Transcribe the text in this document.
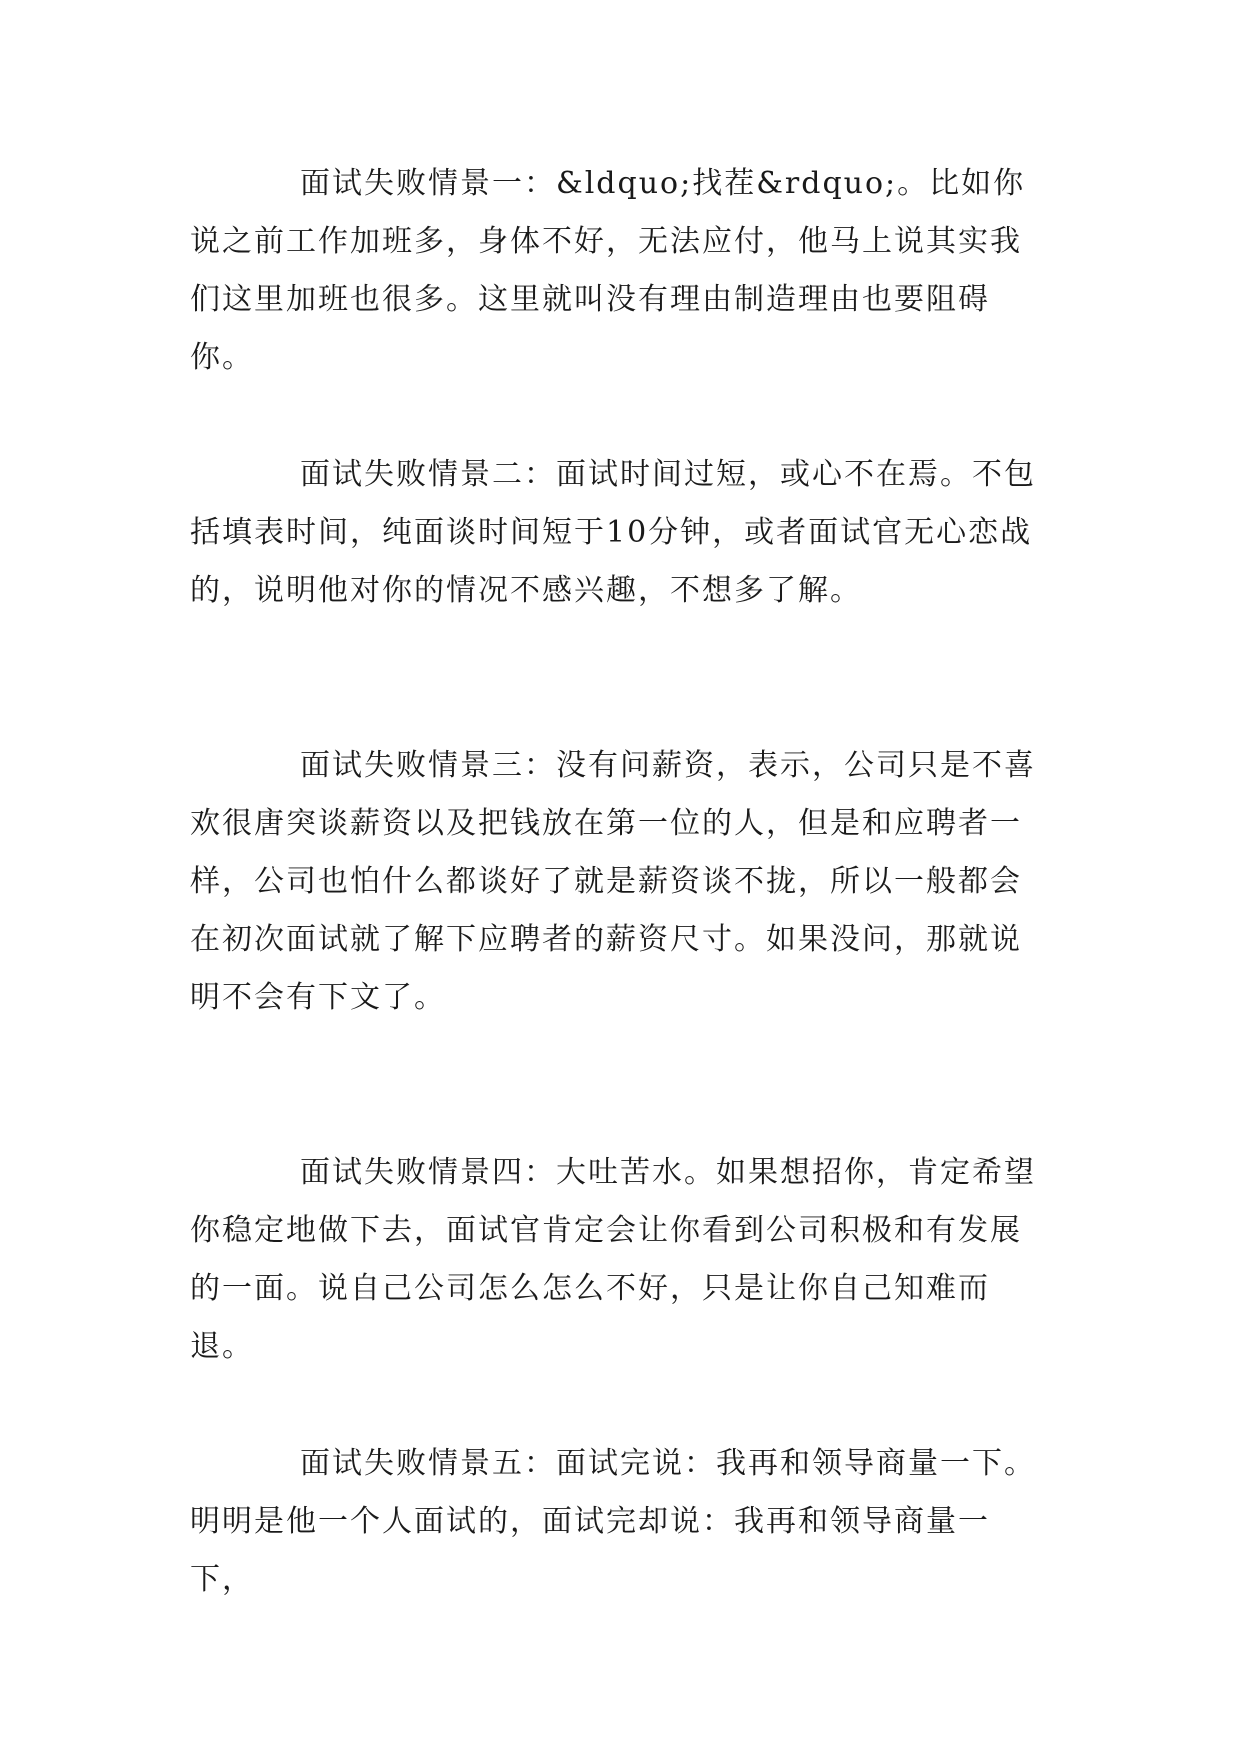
面试失败情景一：&ldquo;找茬&rdquo;。比如你说之前工作加班多，身体不好，无法应付，他马上说其实我们这里加班也很多。这里就叫没有理由制造理由也要阻碍你。

面试失败情景二：面试时间过短，或心不在焉。不包括填表时间，纯面谈时间短于10分钟，或者面试官无心恋战的，说明他对你的情况不感兴趣，不想多了解。

面试失败情景三：没有问薪资，表示，公司只是不喜欢很唐突谈薪资以及把钱放在第一位的人，但是和应聘者一样，公司也怕什么都谈好了就是薪资谈不拢，所以一般都会在初次面试就了解下应聘者的薪资尺寸。如果没问，那就说明不会有下文了。

面试失败情景四：大吐苦水。如果想招你，肯定希望你稳定地做下去，面试官肯定会让你看到公司积极和有发展的一面。说自己公司怎么怎么不好，只是让你自己知难而退。

面试失败情景五：面试完说：我再和领导商量一下。明明是他一个人面试的，面试完却说：我再和领导商量一下，
